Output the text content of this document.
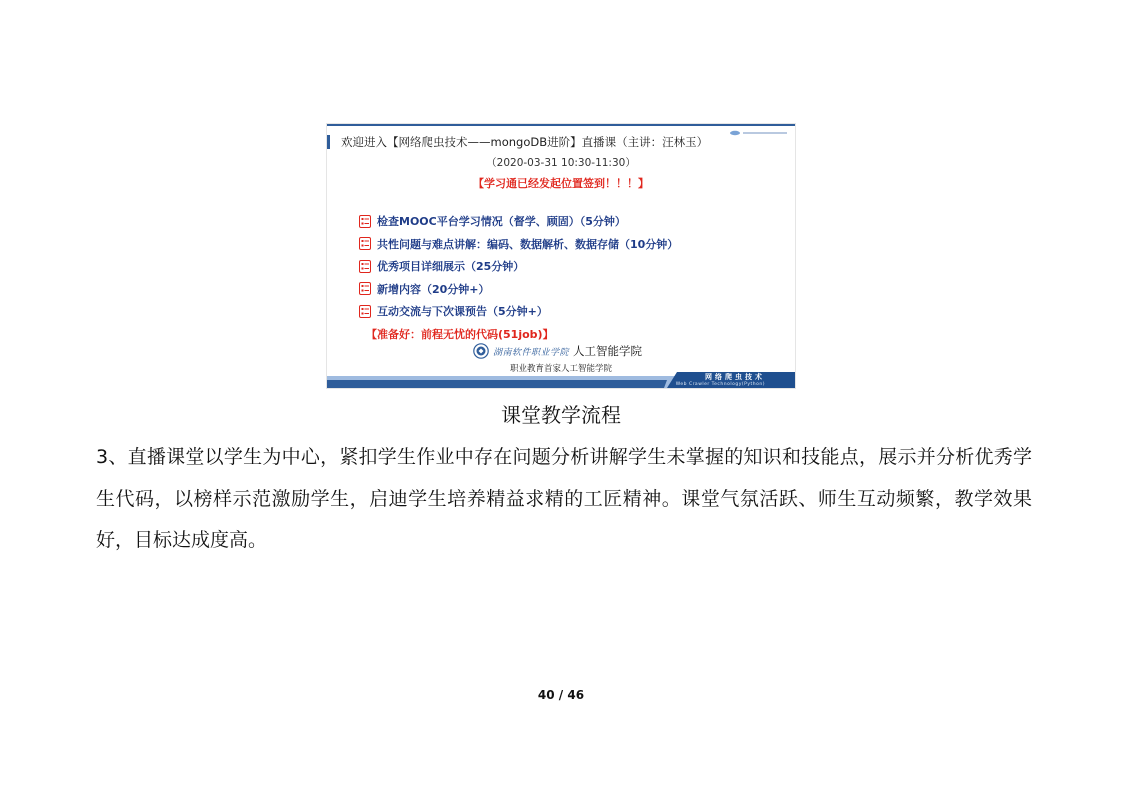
欢迎进入【网络爬虫技术——mongoDB进阶】直播课（主讲：汪林玉）
（2020-03-31 10:30-11:30）
【学习通已经发起位置签到！！！】
检查MOOC平台学习情况（督学、顾固）（5分钟）
共性问题与难点讲解：编码、数据解析、数据存储（10分钟）
优秀项目详细展示（25分钟）
新增内容（20分钟+）
互动交流与下次课预告（5分钟+）
【准备好：前程无忧的代码(51job)】
湖南软件职业学院 人工智能学院
职业教育首家人工智能学院
网络爬虫技术
Web Crawler Technology(Python)
课堂教学流程
3、直播课堂以学生为中心，紧扣学生作业中存在问题分析讲解学生未掌握的知识和技能点，展示并分析优秀学生代码，以榜样示范激励学生，启迪学生培养精益求精的工匠精神。课堂气氛活跃、师生互动频繁，教学效果好，目标达成度高。
40 / 46
